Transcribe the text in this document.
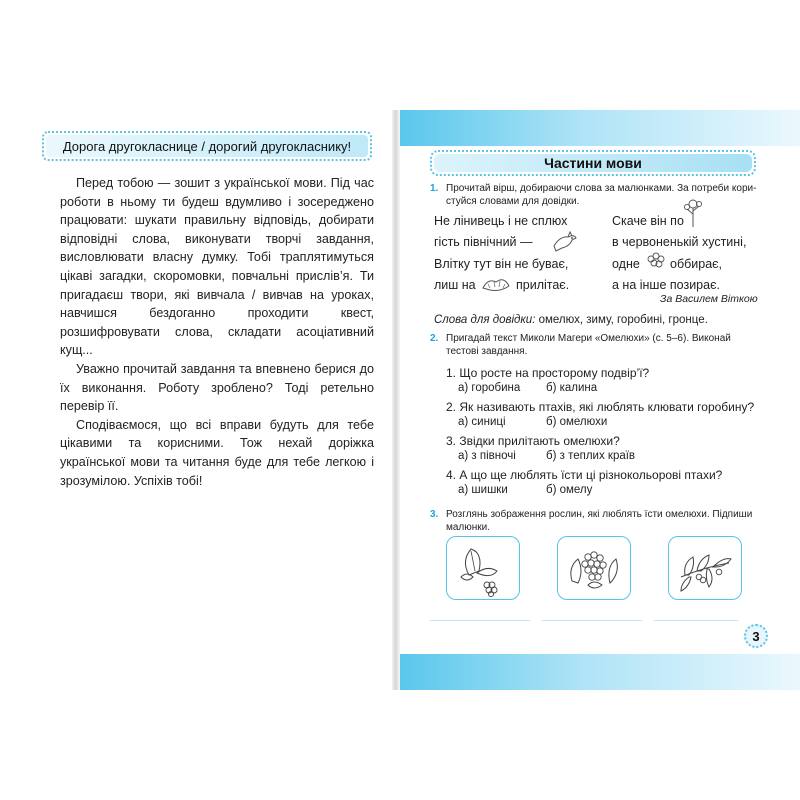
Дорога другокласнице / дорогий другокласнику!

Перед тобою — зошит з української мови. Під час роботи в ньому ти будеш вдумливо і зосереджено працювати: шукати правильну відповідь, добирати відповідні слова, виконувати творчі завдання, висловлювати власну думку. Тобі траплятимуться цікаві загадки, скоромовки, повчальні прислів’я. Ти пригадаєш твори, які вивчала / вивчав на уроках, навчишся бездоганно проходити квест, розшифровувати слова, складати асоціативний кущ...

Уважно прочитай завдання та впевнено берися до їх виконання. Роботу зроблено? Тоді ретельно перевір її.

Сподіваємося, що всі вправи будуть для тебе цікавими та корисними. Тож нехай доріжка української мови та читання буде для тебе легкою і зрозумілою. Успіхів тобі!

Частини мови
1. Прочитай вірш, добираючи слова за малюнками. За потреби кори-
стуйся словами для довідки.
Не лінивець і не сплюх
гість північний —
Влітку тут він не буває,
лиш на	прилітає.
Скаче він по
в червоненькій хустині,
одне оббирає,
а на інше позирає.
За Василем Віткою
Слова для довідки: омелюх, зиму, горобині, гронце.
2. Пригадай текст Миколи Магери «Омелюхи» (с. 5–6). Виконай
тестові завдання.
1. Що росте на просторому подвір’ї?
а) горобина б) калина
2. Як називають птахів, які люблять клювати горобину?
а) синиці	б) омелюхи
3. Звідки прилітають омелюхи?
а) з півночі	б) з теплих країв
4. А що ще люблять їсти ці різнокольорові птахи?
а) шишки	б) омелу
3. Розглянь зображення рослин, які люблять їсти омелюхи. Підпиши
малюнки.
3
